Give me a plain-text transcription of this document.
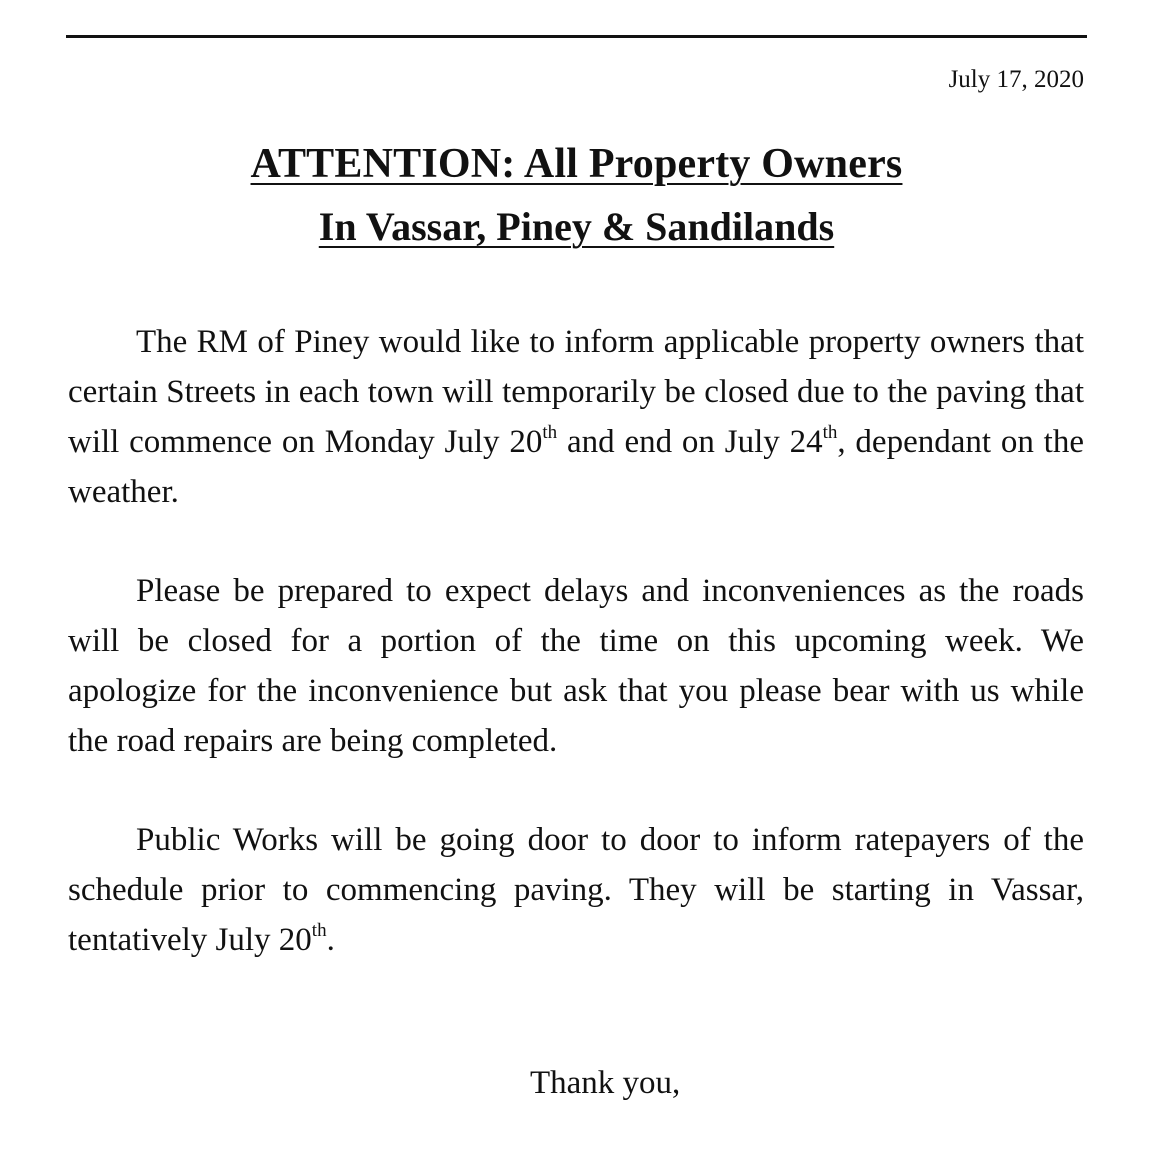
July 17, 2020
ATTENTION: All Property Owners
In Vassar, Piney & Sandilands

The RM of Piney would like to inform applicable property owners that certain Streets in each town will temporarily be closed due to the paving that will commence on Monday July 20th and end on July 24th, dependant on the weather.

Please be prepared to expect delays and inconveniences as the roads will be closed for a portion of the time on this upcoming week. We apologize for the inconvenience but ask that you please bear with us while the road repairs are being completed.

Public Works will be going door to door to inform ratepayers of the schedule prior to commencing paving. They will be starting in Vassar, tentatively July 20th.

Thank you,
